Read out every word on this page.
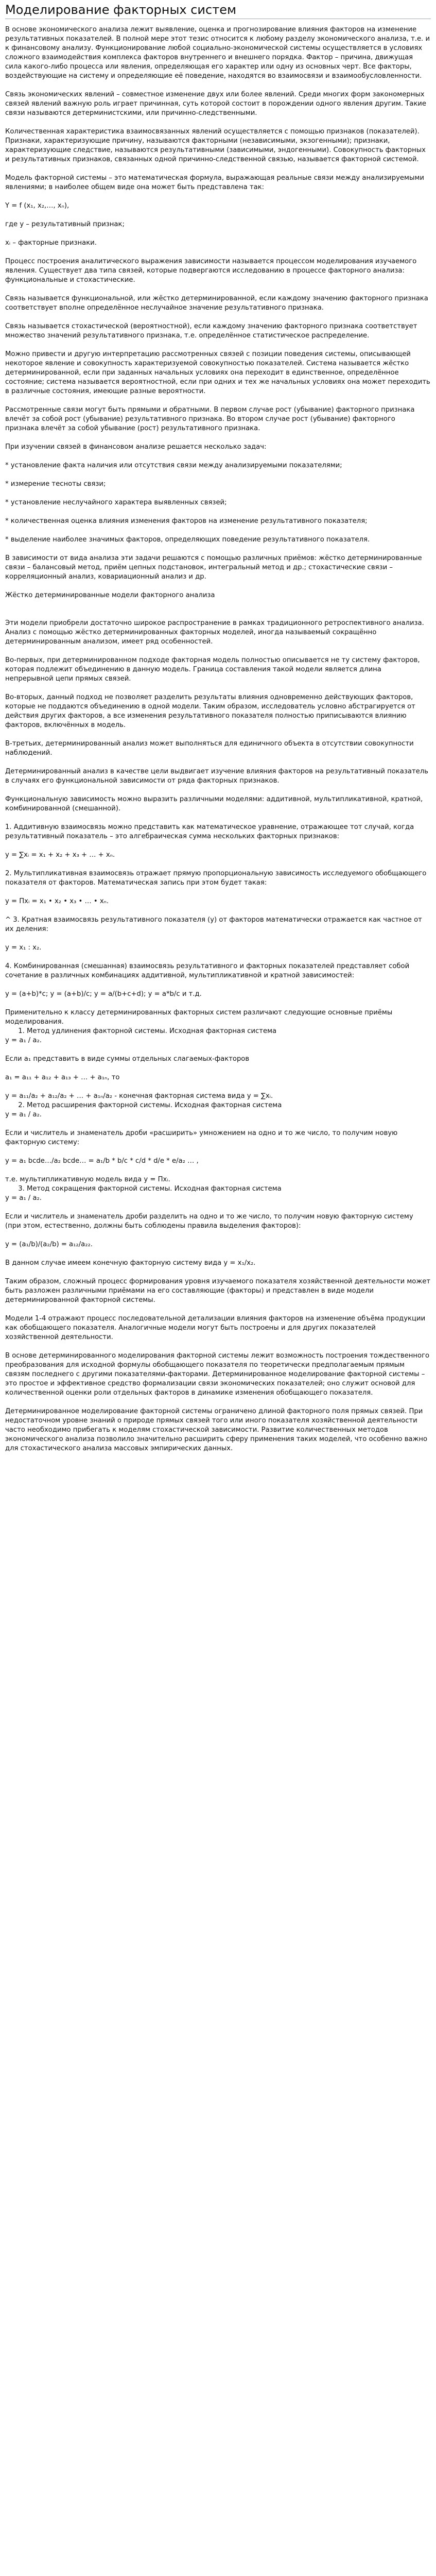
Моделирование факторных систем

В основе экономического анализа лежит выявление, оценка и прогнозирование влияния факторов на изменение результативных показателей. В полной мере этот тезис относится к любому разделу экономического анализа, т.е. и к финансовому анализу. Функционирование любой социально-экономической системы осуществляется в условиях сложного взаимодействия комплекса факторов внутреннего и внешнего порядка. Фактор – причина, движущая сила какого-либо процесса или явления, определяющая его характер или одну из основных черт. Все факторы, воздействующие на систему и определяющие её поведение, находятся во взаимосвязи и взаимообусловленности.

Связь экономических явлений – совместное изменение двух или более явлений. Среди многих форм закономерных связей явлений важную роль играет причинная, суть которой состоит в порождении одного явления другим. Такие связи называются детерминистскими, или причинно-следственными.

Количественная характеристика взаимосвязанных явлений осуществляется с помощью признаков (показателей). Признаки, характеризующие причину, называются факторными (независимыми, экзогенными); признаки, характеризующие следствие, называются результативными (зависимыми, эндогенными). Совокупность факторных и результативных признаков, связанных одной причинно-следственной связью, называется факторной системой.

Модель факторной системы – это математическая формула, выражающая реальные связи между анализируемыми явлениями; в наиболее общем виде она может быть представлена так:

Y = f (x₁, x₂,…, xₙ),

где y – результативный признак;

xᵢ – факторные признаки.

Процесс построения аналитического выражения зависимости называется процессом моделирования изучаемого явления. Существует два типа связей, которые подвергаются исследованию в процессе факторного анализа: функциональные и стохастические.

Связь называется функциональной, или жёстко детерминированной, если каждому значению факторного признака соответствует вполне определённое неслучайное значение результативного признака.

Связь называется стохастической (вероятностной), если каждому значению факторного признака соответствует множество значений результативного признака, т.е. определённое статистическое распределение.

Можно привести и другую интерпретацию рассмотренных связей с позиции поведения системы, описывающей некоторое явление и совокупность характеризуемой совокупностью показателей. Система называется жёстко детерминированной, если при заданных начальных условиях она переходит в единственное, определённое состояние; система называется вероятностной, если при одних и тех же начальных условиях она может переходить в различные состояния, имеющие разные вероятности.

Рассмотренные связи могут быть прямыми и обратными. В первом случае рост (убывание) факторного признака влечёт за собой рост (убывание) результативного признака. Во втором случае рост (убывание) факторного признака влечёт за собой убывание (рост) результативного признака.

При изучении связей в финансовом анализе решается несколько задач:

* установление факта наличия или отсутствия связи между анализируемыми показателями;

* измерение тесноты связи;

* установление неслучайного характера выявленных связей;

* количественная оценка влияния изменения факторов на изменение результативного показателя;

* выделение наиболее значимых факторов, определяющих поведение результативного показателя.

В зависимости от вида анализа эти задачи решаются с помощью различных приёмов: жёстко детерминированные связи – балансовый метод, приём цепных подстановок, интегральный метод и др.; стохастические связи – корреляционный анализ, ковариационный анализ и др.

Жёстко детерминированные модели факторного анализа

Эти модели приобрели достаточно широкое распространение в рамках традиционного ретроспективного анализа. Анализ с помощью жёстко детерминированных факторных моделей, иногда называемый сокращённо детерминированным анализом, имеет ряд особенностей.

Во-первых, при детерминированном подходе факторная модель полностью описывается не ту систему факторов, которая подлежит объединению в данную модель. Граница составления такой модели является длина непрерывной цепи прямых связей.

Во-вторых, данный подход не позволяет разделить результаты влияния одновременно действующих факторов, которые не поддаются объединению в одной модели. Таким образом, исследователь условно абстрагируется от действия других факторов, а все изменения результативного показателя полностью приписываются влиянию факторов, включённых в модель.

В-третьих, детерминированный анализ может выполняться для единичного объекта в отсутствии совокупности наблюдений.

Детерминированный анализ в качестве цели выдвигает изучение влияния факторов на результативный показатель в случаях его функциональной зависимости от ряда факторных признаков.

Функциональную зависимость можно выразить различными моделями: аддитивной, мультипликативной, кратной, комбинированной (смешанной).

1. Аддитивную взаимосвязь можно представить как математическое уравнение, отражающее тот случай, когда результативный показатель – это алгебраическая сумма нескольких факторных признаков:

y = ∑xᵢ = x₁ + x₂ + x₃ + … + xₙ.

2. Мультипликативная взаимосвязь отражает прямую пропорциональную зависимость исследуемого обобщающего показателя от факторов. Математическая запись при этом будет такая:

y = Пxᵢ = x₁ • x₂ • x₃ • … • xₙ.

^ 3. Кратная взаимосвязь результативного показателя (y) от факторов математически отражается как частное от их деления:

y = x₁ : x₂.

4. Комбинированная (смешанная) взаимосвязь результативного и факторных показателей представляет собой сочетание в различных комбинациях аддитивной, мультипликативной и кратной зависимостей:

y = (a+b)*c; y = (a+b)/c; y = a/(b+c+d); y = a*b/c и т.д.

Применительно к классу детерминированных факторных систем различают следующие основные приёмы моделирования.

1. Метод удлинения факторной системы. Исходная факторная система

y = a₁ / a₂.

Если a₁ представить в виде суммы отдельных слагаемых-факторов

a₁ = a₁₁ + a₁₂ + a₁₃ + … + a₁ₙ, то

y = a₁₁/a₂ + a₁₂/a₂ + … + a₁ₙ/a₂ - конечная факторная система вида y = ∑xᵢ.

2. Метод расширения факторной системы. Исходная факторная система

y = a₁ / a₂.

Если и числитель и знаменатель дроби «расширить» умножением на одно и то же число, то получим новую факторную систему:

y = a₁ bcde…/a₂ bcde… = a₁/b * b/c * c/d * d/e * e/a₂ … ,

т.е. мультипликативную модель вида y = Пxᵢ.

3. Метод сокращения факторной системы. Исходная факторная система

y = a₁ / a₂.

Если и числитель и знаменатель дроби разделить на одно и то же число, то получим новую факторную систему (при этом, естественно, должны быть соблюдены правила выделения факторов):

y = (a₁/b)/(a₂/b) = a₁₂/a₂₂.

В данном случае имеем конечную факторную систему вида y = x₁/x₂.

Таким образом, сложный процесс формирования уровня изучаемого показателя хозяйственной деятельности может быть разложен различными приёмами на его составляющие (факторы) и представлен в виде модели детерминированной факторной системы.

Модели 1-4 отражают процесс последовательной детализации влияния факторов на изменение объёма продукции как обобщающего показателя. Аналогичные модели могут быть построены и для других показателей хозяйственной деятельности.

В основе детерминированного моделирования факторной системы лежит возможность построения тождественного преобразования для исходной формулы обобщающего показателя по теоретически предполагаемым прямым связям последнего с другими показателями-факторами. Детерминированное моделирование факторной системы – это простое и эффективное средство формализации связи экономических показателей; оно служит основой для количественной оценки роли отдельных факторов в динамике изменения обобщающего показателя.

Детерминированное моделирование факторной системы ограничено длиной факторного поля прямых связей. При недостаточном уровне знаний о природе прямых связей того или иного показателя хозяйственной деятельности часто необходимо прибегать к моделям стохастической зависимости. Развитие количественных методов экономического анализа позволило значительно расширить сферу применения таких моделей, что особенно важно для стохастического анализа массовых эмпирических данных.
